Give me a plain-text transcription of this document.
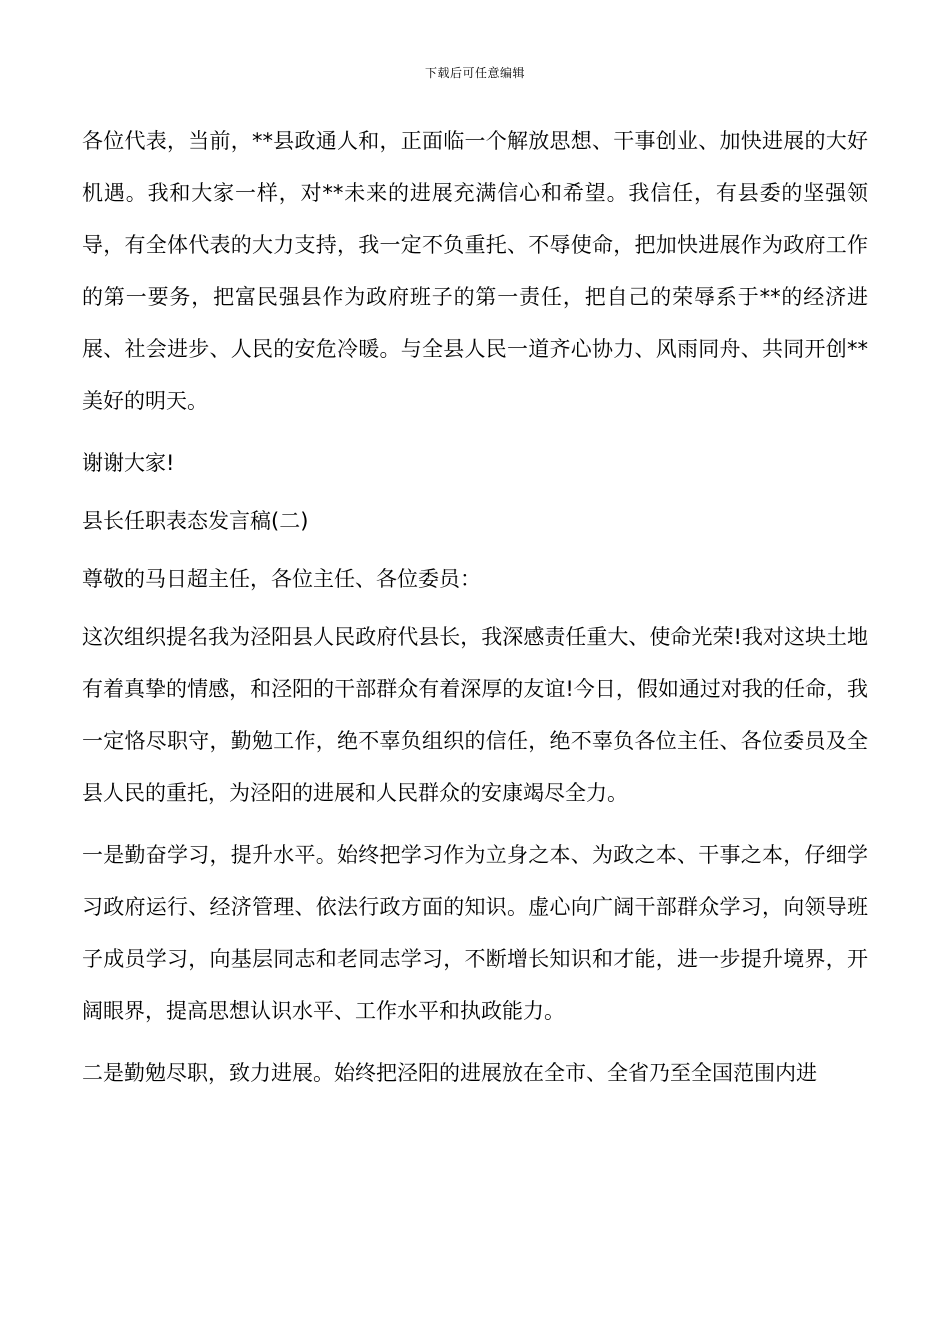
下载后可任意编辑

各位代表，当前，**县政通人和，正面临一个解放思想、干事创业、加快进展的大好机遇。我和大家一样，对**未来的进展充满信心和希望。我信任，有县委的坚强领导，有全体代表的大力支持，我一定不负重托、不辱使命，把加快进展作为政府工作的第一要务，把富民强县作为政府班子的第一责任，把自己的荣辱系于**的经济进展、社会进步、人民的安危冷暖。与全县人民一道齐心协力、风雨同舟、共同开创**美好的明天。

谢谢大家!

县长任职表态发言稿(二)

尊敬的马日超主任，各位主任、各位委员：

这次组织提名我为泾阳县人民政府代县长，我深感责任重大、使命光荣!我对这块土地有着真挚的情感，和泾阳的干部群众有着深厚的友谊!今日，假如通过对我的任命，我一定恪尽职守，勤勉工作，绝不辜负组织的信任，绝不辜负各位主任、各位委员及全县人民的重托，为泾阳的进展和人民群众的安康竭尽全力。

一是勤奋学习，提升水平。始终把学习作为立身之本、为政之本、干事之本，仔细学习政府运行、经济管理、依法行政方面的知识。虚心向广阔干部群众学习，向领导班子成员学习，向基层同志和老同志学习，不断增长知识和才能，进一步提升境界，开阔眼界，提高思想认识水平、工作水平和执政能力。

二是勤勉尽职，致力进展。始终把泾阳的进展放在全市、全省乃至全国范围内进
